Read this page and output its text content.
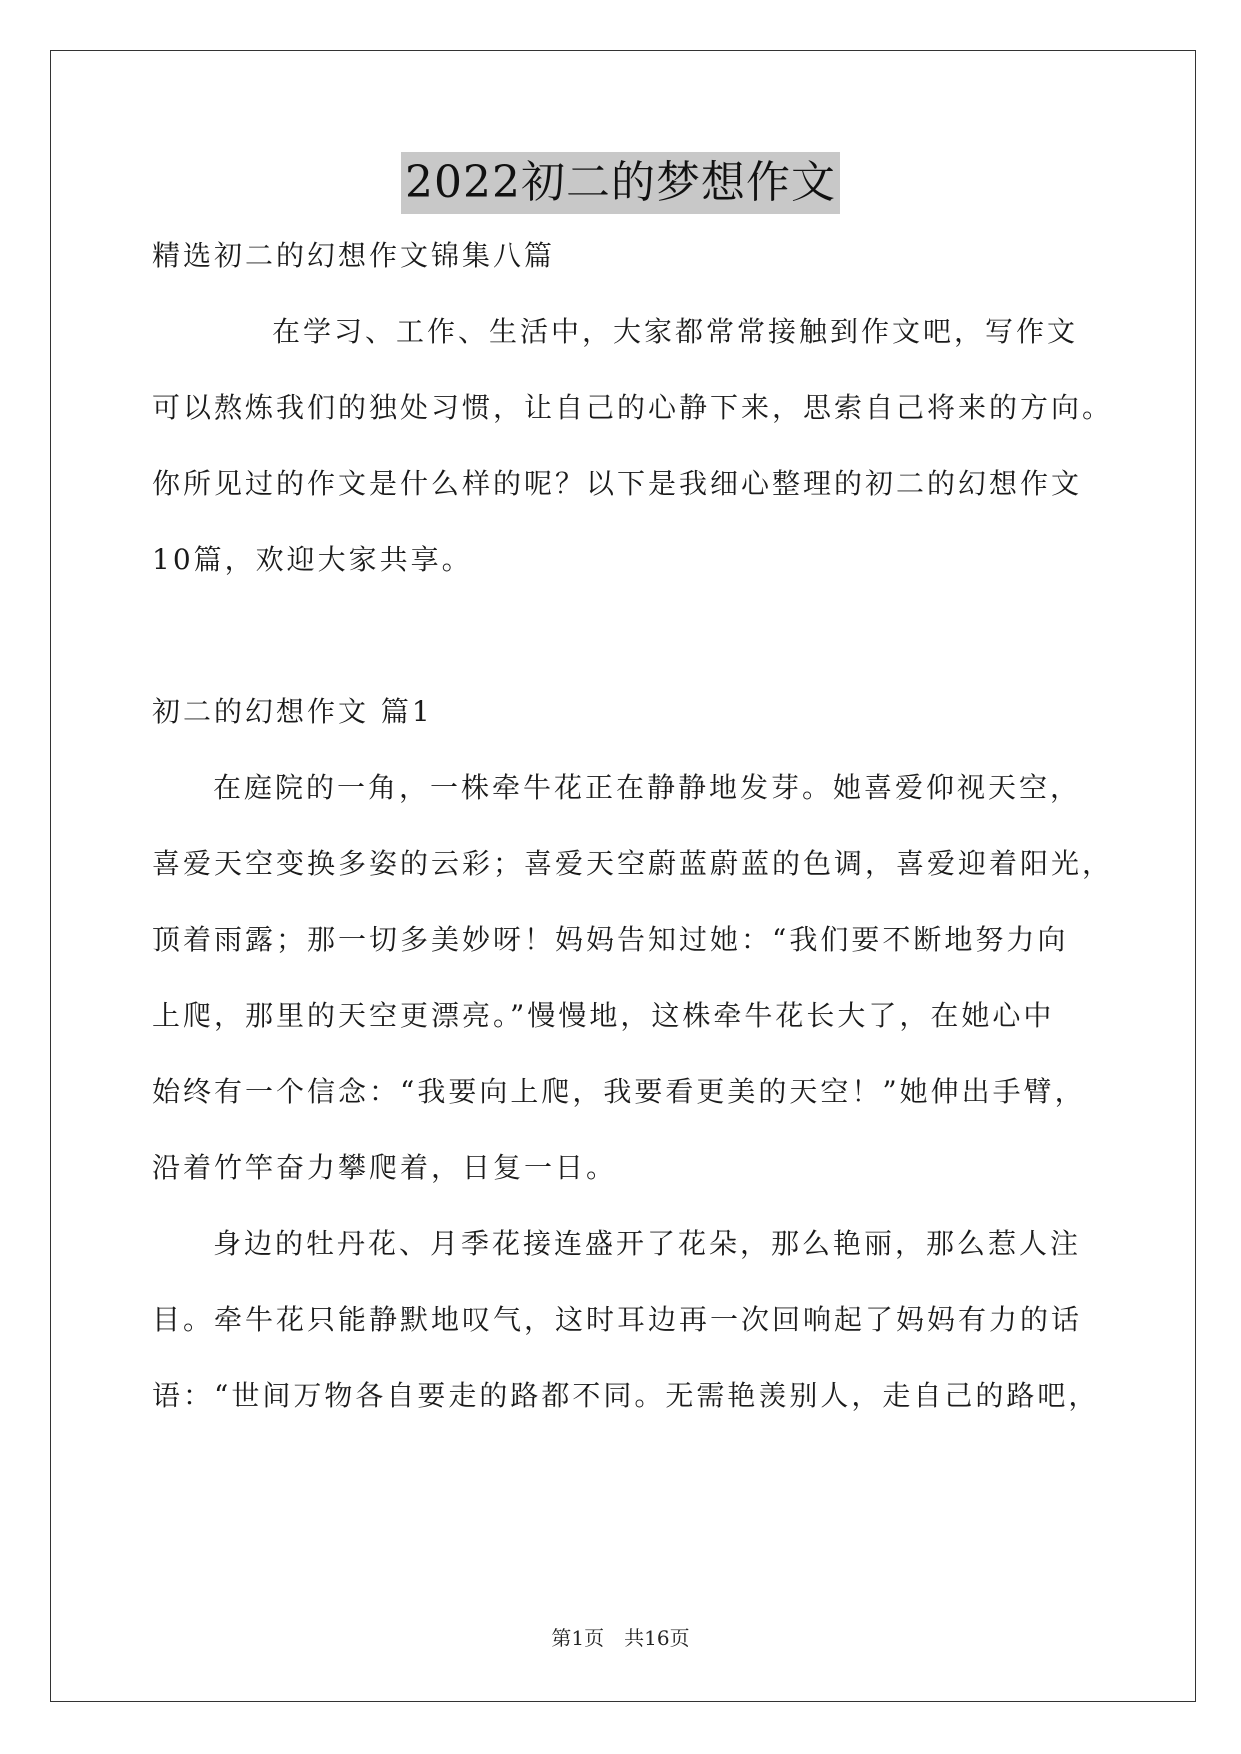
2022初二的梦想作文
精选初二的幻想作文锦集八篇
在学习、工作、生活中，大家都常常接触到作文吧，写作文
可以熬炼我们的独处习惯，让自己的心静下来，思索自己将来的方向。
你所见过的作文是什么样的呢？以下是我细心整理的初二的幻想作文
10篇，欢迎大家共享。
初二的幻想作文 篇1
在庭院的一角，一株牵牛花正在静静地发芽。她喜爱仰视天空，
喜爱天空变换多姿的云彩；喜爱天空蔚蓝蔚蓝的色调，喜爱迎着阳光，
顶着雨露；那一切多美妙呀！妈妈告知过她：“我们要不断地努力向
上爬，那里的天空更漂亮。”慢慢地，这株牵牛花长大了，在她心中
始终有一个信念：“我要向上爬，我要看更美的天空！”她伸出手臂，
沿着竹竿奋力攀爬着，日复一日。
身边的牡丹花、月季花接连盛开了花朵，那么艳丽，那么惹人注
目。牵牛花只能静默地叹气，这时耳边再一次回响起了妈妈有力的话
语：“世间万物各自要走的路都不同。无需艳羡别人，走自己的路吧，
第1页　共16页
